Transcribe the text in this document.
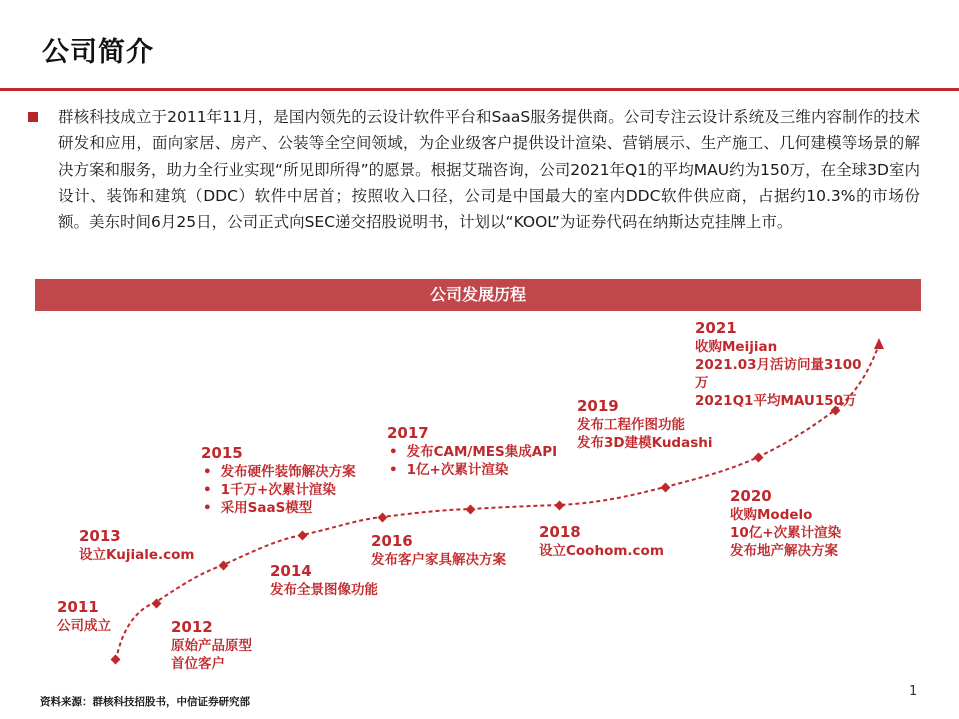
公司简介
群核科技成立于2011年11月，是国内领先的云设计软件平台和SaaS服务提供商。公司专注云设计系统及三维内容制作的技术研发和应用，面向家居、房产、公装等全空间领域，为企业级客户提供设计渲染、营销展示、生产施工、几何建模等场景的解决方案和服务，助力全行业实现“所见即所得”的愿景。根据艾瑞咨询，公司2021年Q1的平均MAU约为150万，在全球3D室内设计、装饰和建筑（DDC）软件中居首；按照收入口径，公司是中国最大的室内DDC软件供应商，占据约10.3%的市场份额。美东时间6月25日，公司正式向SEC递交招股说明书，计划以“KOOL”为证券代码在纳斯达克挂牌上市。
公司发展历程
2011
公司成立	2012
原始产品原型
首位客户
2013
设立Kujiale.com
2014
发布全景图像功能
2015
• 发布硬件装饰解决方案
• 1千万+次累计渲染
• 采用SaaS模型
2016
发布客户家具解决方案
2017
• 发布CAM/MES集成API
• 1亿+次累计渲染
2018
设立Coohom.com
2019
发布工程作图功能
发布3D建模Kudashi
2020
收购Modelo
10亿+次累计渲染
发布地产解决方案
2021
收购Meijian
2021.03月活访问量3100
万
2021Q1平均MAU150万
资料来源：群核科技招股书，中信证券研究部
1
